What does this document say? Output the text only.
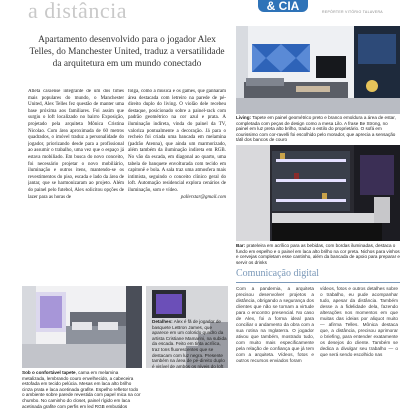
a distância	& CIA	REPÓRTER VITÓRIO TALAVERA
Apartamento desenvolvido para o jogador Alex Telles, do Manchester United, traduz a versatilidade da arquitetura em um mundo conectado

Atleta caxiense integrante de um dos times mais populares do mundo, o Manchester United, Alex Telles fez questão de manter uma base próxima aos familiares. Foi assim que surgiu o loft localizado no bairro Exposição, projetado pela arquiteta Mônica Cristina Nicolao. Com área aproximada de 60 metros quadrados, o imóvel traduz a personalidade do jogador, priorizando desde para a profissional ao assumir o trabalho, uma vez que o espaço já estava mobiliado. Em busca do novo conceito, foi necessário projetar o novo mobiliário, iluminação e outros itens, mantendo-se os revestimentos do piso, escada e lado da área de jantar, que se harmonizaram ao projeto. Além do painel pelo futebol, Alex solicitou opções de lazer para as horas de

folga, como a música e os games, que ganharam área destacada com letreiro na parede de pé-direito duplo do living. O violão dele recebeu destaque, posicionado sobre a painel-rack com padrão geométrico na cor azul e prata. A iluminação indireta, vinda do painel da TV, valoriza pontualmente a decoração. Já para o recheio foi criada uma bancada em melamina (padrão Atenna), que ainda um marmorizado, além também da iluminação indireta em RGB. No vão da escada, em diagonal ao quarto, uma tabela de banquete envolturada com tecido em capitonê e bola. A sala traz uma atmosfera mais intimista, seguindo o conceito clínico geral do loft. Automação residencial explora cenários de iluminação, som e vídeo.

pallerstar@gmail.com

Living: Tapete em painel geométrico preto e branco emoldura a área de estar, completada com peças de design como a mesa Lilo. A frase Be Strong, no painel em luz preta alto brilho, traduz o estilo do proprietário. O sofá em courissimo com cor-ravelli foi escolhido pelo morador, que aprecia a sensação tátil dos bancos de couro
Bar: prateleira em acrílico para as bebidas, com bordas iluminadas, destaca o fundo em espelho e o painel em laca alto brilho na cor preta. Nichos para vinhos e cervejas completam esse cantinho, além da bancada de apoio para preparar e servir os drinks
Sob o confortável tapete, cama em melamina metalizada, lembrando couro envelhecido, a cabeceira estofada em tecido pelúcia. Mesas em laca alto brilho cinza prata e laca acetinada grafite. Espelho refletor todo o ambiente sobre parede revestida com papel mica na cor chumbo. No caminho do closet, painel rígido em laca acetinada grafite com perfis em led RGB embutidos
Detalhes: Alex é fã de jogador de basquete LeBron James, que aparece em um colorido quadro da artista Cristiane Mamarini, na subida da escada. Feito em tinta acrílica, traz tons fluorescentes que se destacam com luz negra. Presente também na área de pé-direito duplo é visível de ambos os níveis do loft
Comunicação digital
Com a pandemia, a arquiteta precisou desenvolver projetos a distância, obrigando a segurança dos clientes que não se tornam a virtude para o encontro presencial. No caso de Alex, foi a forma ideal para conciliar o andamento da obra com a sua rotina na Inglaterra. O jogador ativou que também, mostrado tudo, com muito mais especificamente pela relação de confiança que já tem com a arquiteta. Vídeos, fotos e outros recursos enviados foram
vídeos, fotos e outros detalhes sobre o trabalho, eu pude acompanhar tudo, apesar da distância. Também desse a a fidelidade dela, fazendo alterações nos momentos em que muitas das ideias por aliquot muito — afirma Telles. Mônica destaca que, a distância, precisou aprimorar o briefing, para entender exatamente os desejos do cliente. Também se dedica a divulgar seu trabalho — o que será sendo escolhido nas
